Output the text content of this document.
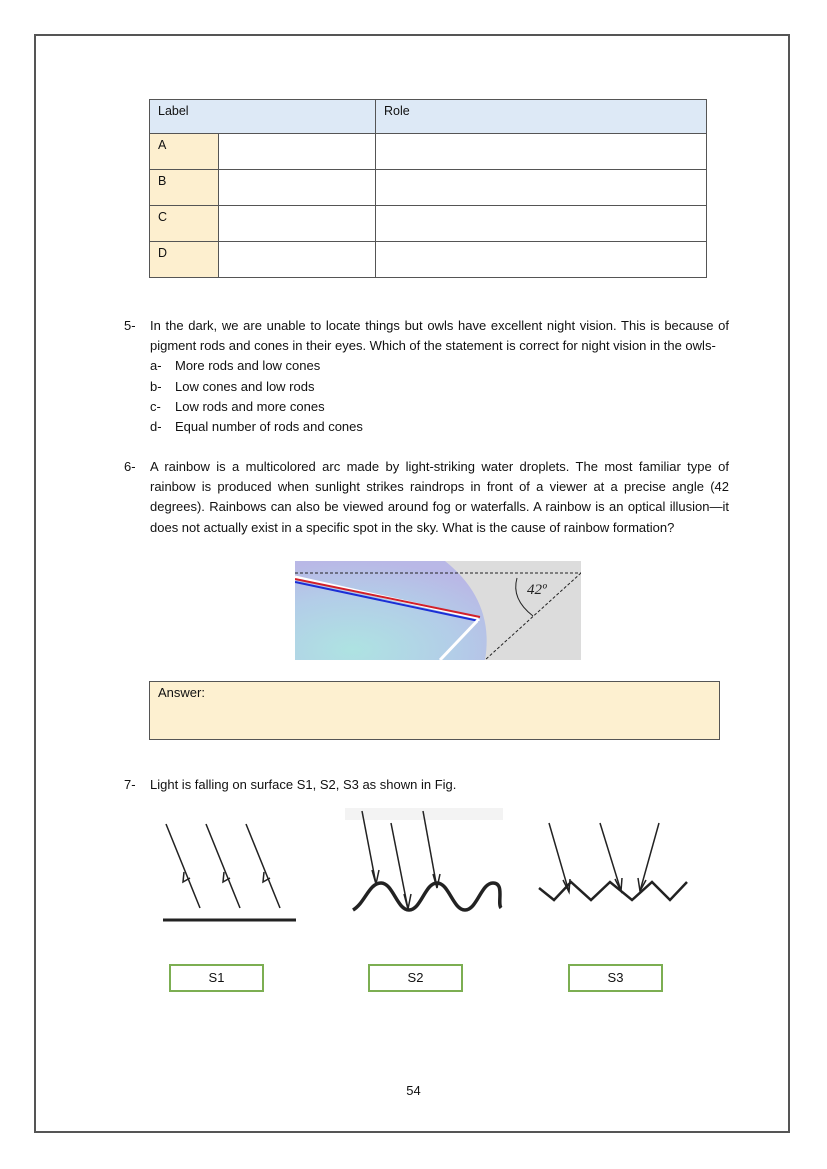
Label		Role
A		
B		
C		
D		
5-	In the dark, we are unable to locate things but owls have excellent night vision. This is because of pigment rods and cones in their eyes. Which of the statement is correct for night vision in the owls-
a- More rods and low cones
b- Low cones and low rods
c- Low rods and more cones
d- Equal number of rods and cones
6-	A rainbow is a multicolored arc made by light-striking water droplets. The most familiar type of rainbow is produced when sunlight strikes raindrops in front of a viewer at a precise angle (42 degrees). Rainbows can also be viewed around fog or waterfalls. A rainbow is an optical illusion—it does not actually exist in a specific spot in the sky. What is the cause of rainbow formation?
42º
Answer:
7-	Light is falling on surface S1, S2, S3 as shown in Fig.
S1	S2	S3
54
